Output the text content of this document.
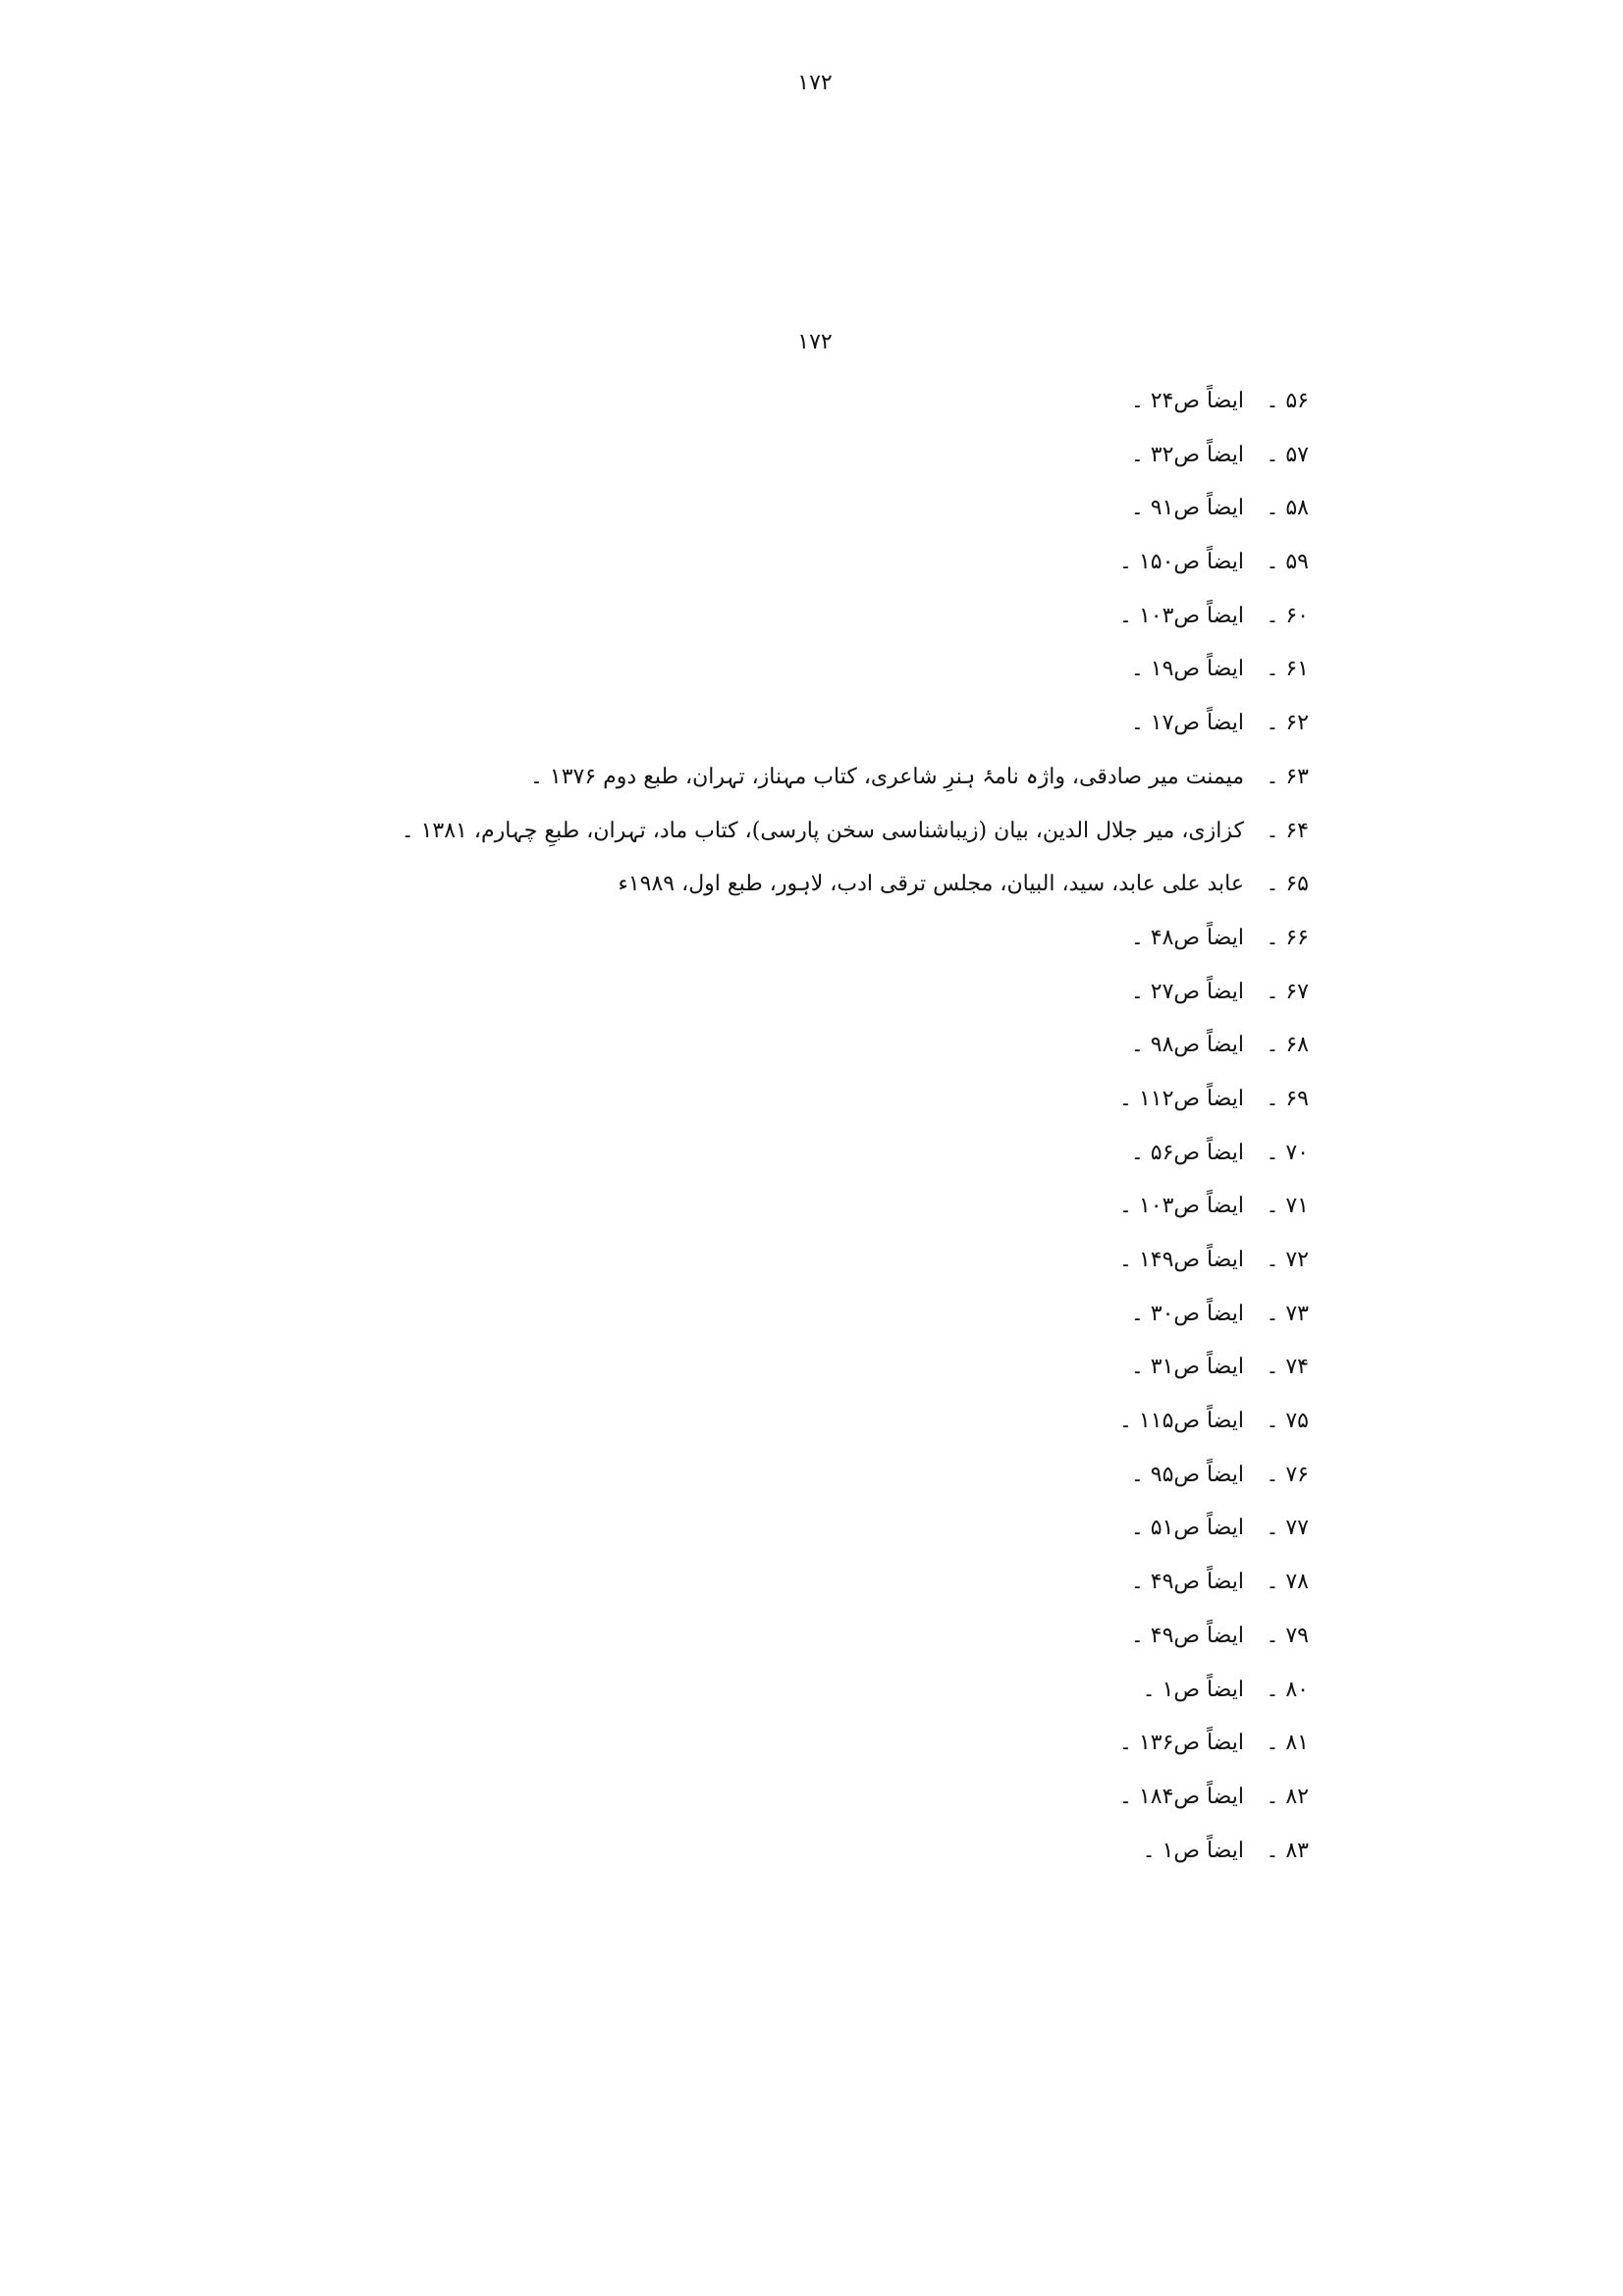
۱۷۲
۱۷۲
۵۶ ۔ایضاً ص۲۴ ۔
۵۷ ۔ایضاً ص۳۲ ۔
۵۸ ۔ایضاً ص۹۱ ۔
۵۹ ۔ایضاً ص۱۵۰ ۔
۶۰ ۔ایضاً ص۱۰۳ ۔
۶۱ ۔ایضاً ص۱۹ ۔
۶۲ ۔ایضاً ص۱۷ ۔
۶۳ ۔میمنت میر صادقی، واژہ نامۂ ہنرِ شاعری، کتاب مہناز، تہران، طبع دوم ۱۳۷۶ ۔
۶۴ ۔کزازی، میر جلال الدین، بیان (زیباشناسی سخن پارسی)، کتاب ماد، تہران، طبعِ چہارم، ۱۳۸۱ ۔
۶۵ ۔عابد علی عابد، سید، البیان، مجلس ترقی ادب، لاہور، طبع اول، ۱۹۸۹ء
۶۶ ۔ایضاً ص۴۸ ۔
۶۷ ۔ایضاً ص۲۷ ۔
۶۸ ۔ایضاً ص۹۸ ۔
۶۹ ۔ایضاً ص۱۱۲ ۔
۷۰ ۔ایضاً ص۵۶ ۔
۷۱ ۔ایضاً ص۱۰۳ ۔
۷۲ ۔ایضاً ص۱۴۹ ۔
۷۳ ۔ایضاً ص۳۰ ۔
۷۴ ۔ایضاً ص۳۱ ۔
۷۵ ۔ایضاً ص۱۱۵ ۔
۷۶ ۔ایضاً ص۹۵ ۔
۷۷ ۔ایضاً ص۵۱ ۔
۷۸ ۔ایضاً ص۴۹ ۔
۷۹ ۔ایضاً ص۴۹ ۔
۸۰ ۔ایضاً ص۱ ۔
۸۱ ۔ایضاً ص۱۳۶ ۔
۸۲ ۔ایضاً ص۱۸۴ ۔
۸۳ ۔ایضاً ص۱ ۔
